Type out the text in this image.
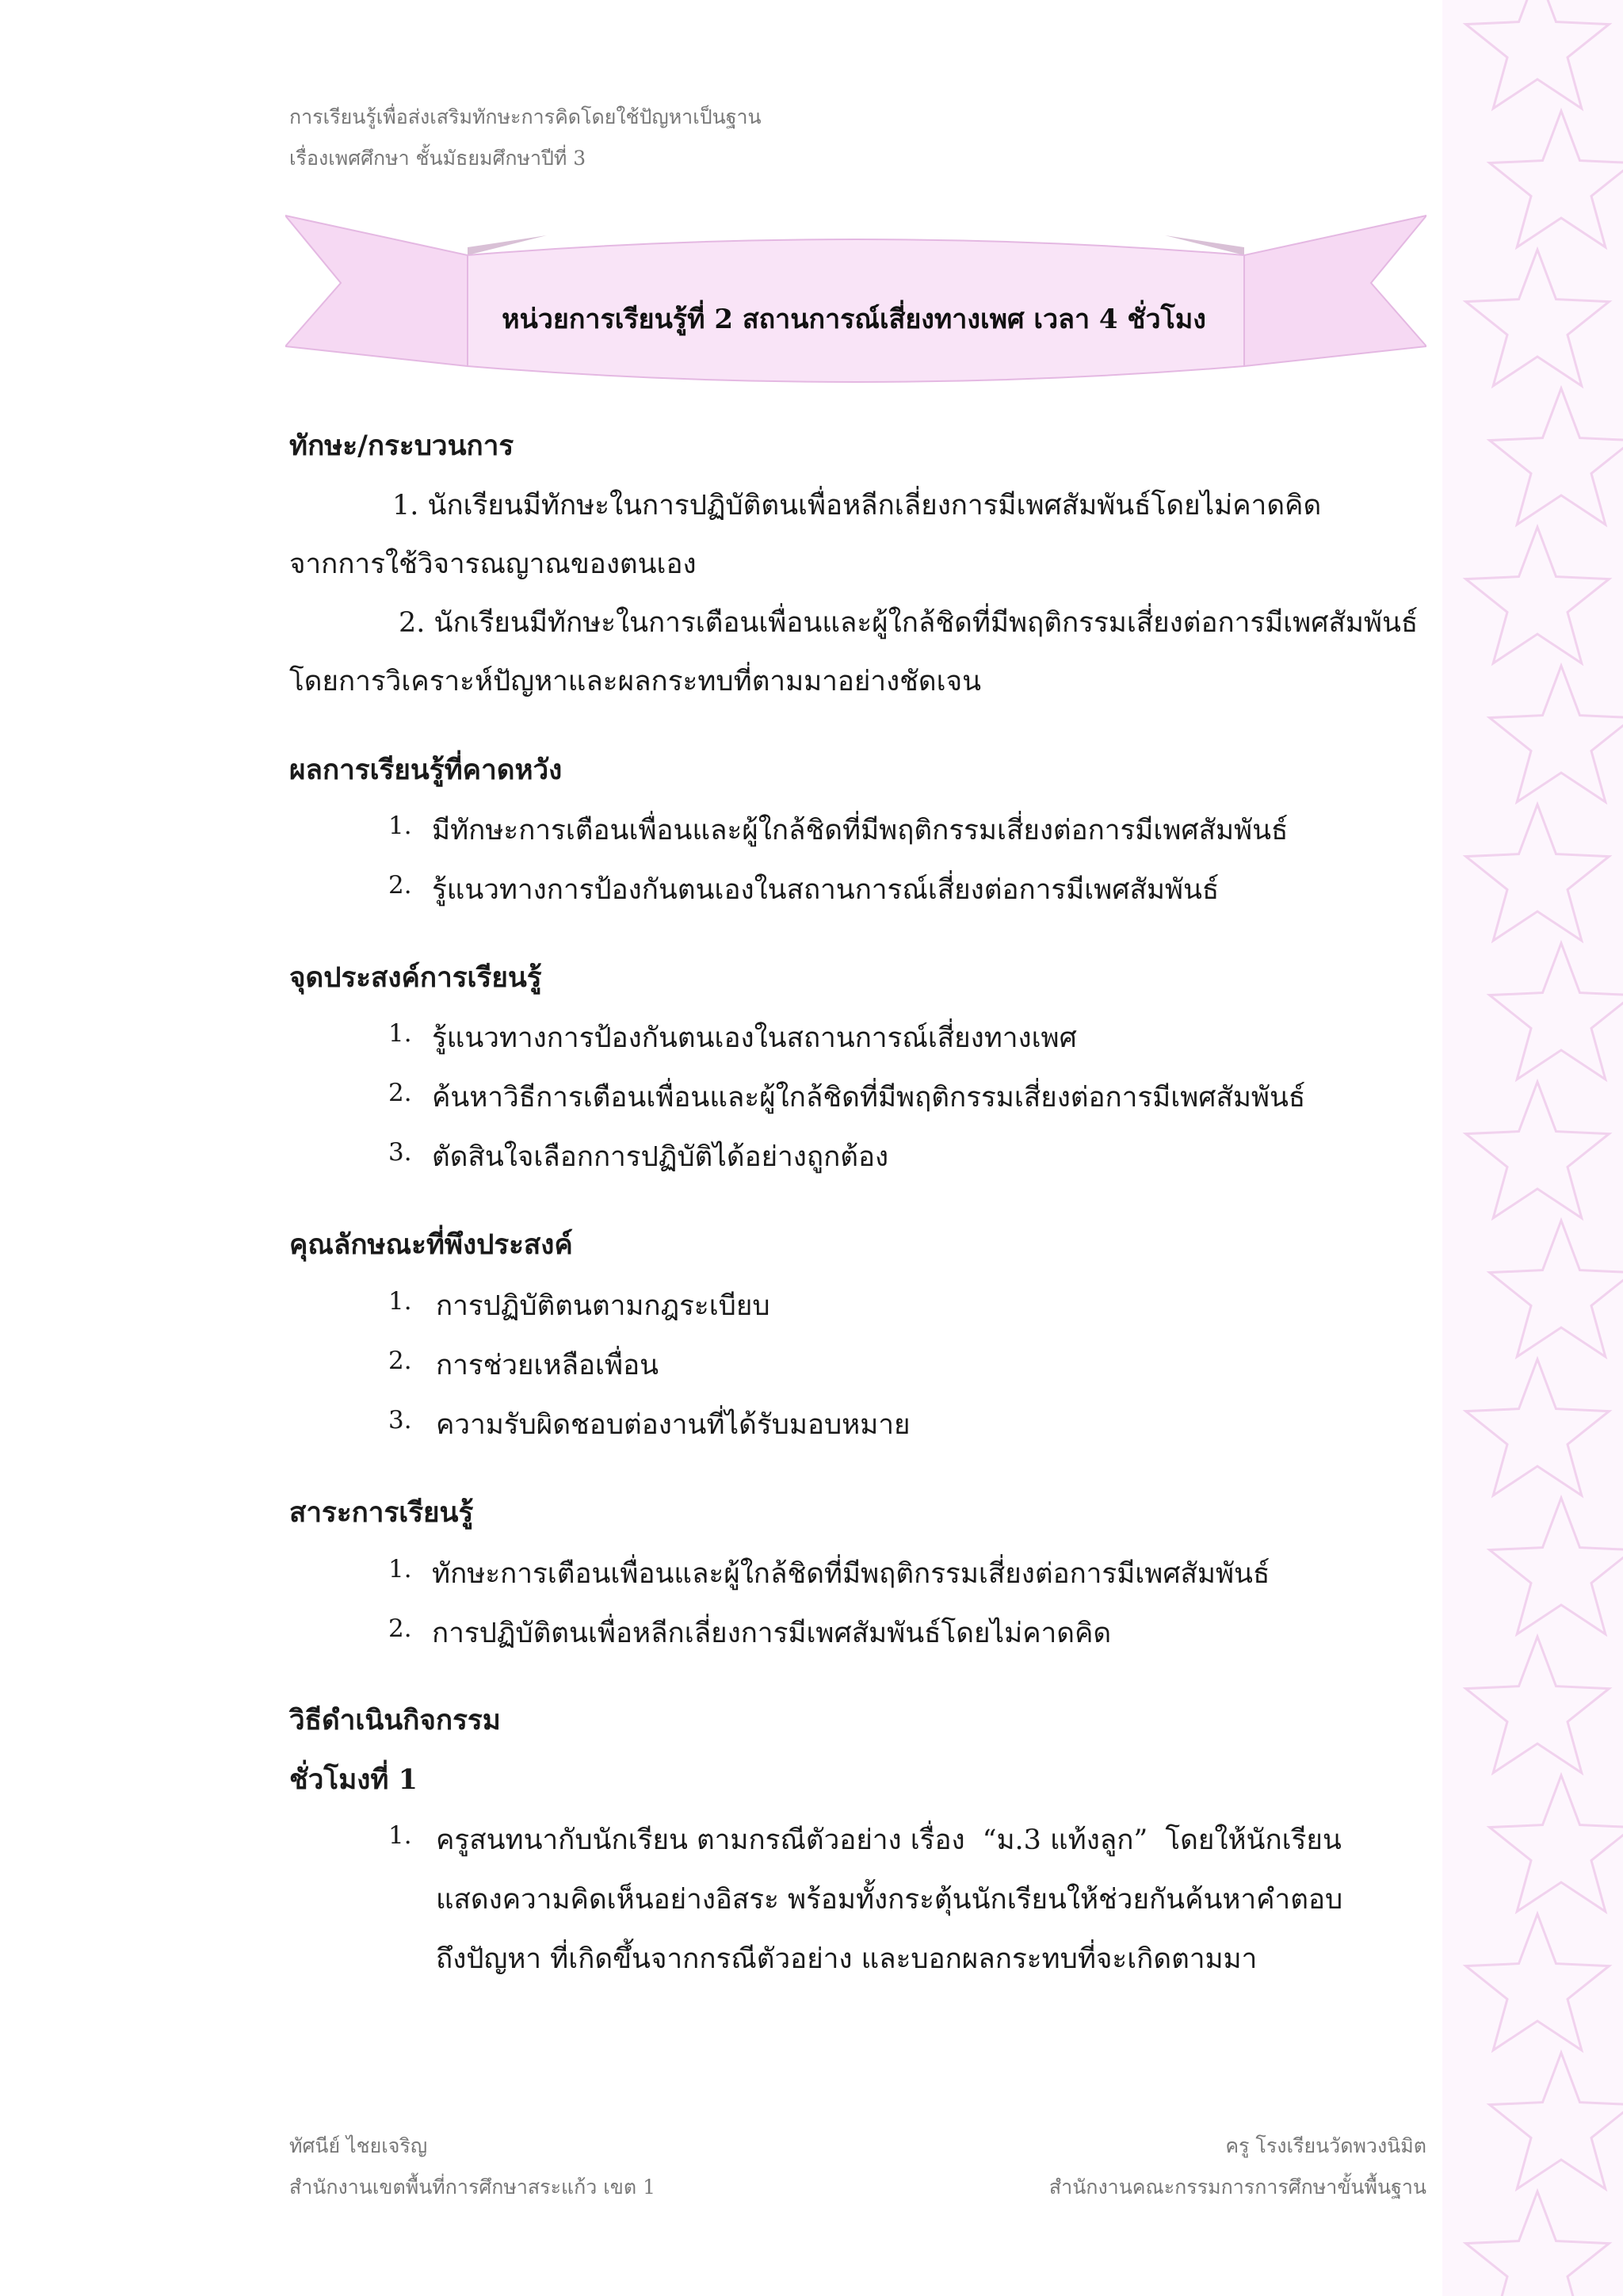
การเรียนรู้เพื่อส่งเสริมทักษะการคิดโดยใช้ปัญหาเป็นฐาน
เรื่องเพศศึกษา ชั้นมัธยมศึกษาปีที่ 3
หน่วยการเรียนรู้ที่ 2 สถานการณ์เสี่ยงทางเพศ เวลา 4 ชั่วโมง
ทักษะ/กระบวนการ
1. นักเรียนมีทักษะในการปฏิบัติตนเพื่อหลีกเลี่ยงการมีเพศสัมพันธ์โดยไม่คาดคิด
จากการใช้วิจารณญาณของตนเอง
2. นักเรียนมีทักษะในการเตือนเพื่อนและผู้ใกล้ชิดที่มีพฤติกรรมเสี่ยงต่อการมีเพศสัมพันธ์
โดยการวิเคราะห์ปัญหาและผลกระทบที่ตามมาอย่างชัดเจน
ผลการเรียนรู้ที่คาดหวัง
1. มีทักษะการเตือนเพื่อนและผู้ใกล้ชิดที่มีพฤติกรรมเสี่ยงต่อการมีเพศสัมพันธ์
2. รู้แนวทางการป้องกันตนเองในสถานการณ์เสี่ยงต่อการมีเพศสัมพันธ์
จุดประสงค์การเรียนรู้
1. รู้แนวทางการป้องกันตนเองในสถานการณ์เสี่ยงทางเพศ
2. ค้นหาวิธีการเตือนเพื่อนและผู้ใกล้ชิดที่มีพฤติกรรมเสี่ยงต่อการมีเพศสัมพันธ์
3. ตัดสินใจเลือกการปฏิบัติได้อย่างถูกต้อง
คุณลักษณะที่พึงประสงค์
1. การปฏิบัติตนตามกฎระเบียบ
2. การช่วยเหลือเพื่อน
3. ความรับผิดชอบต่องานที่ได้รับมอบหมาย
สาระการเรียนรู้
1. ทักษะการเตือนเพื่อนและผู้ใกล้ชิดที่มีพฤติกรรมเสี่ยงต่อการมีเพศสัมพันธ์
2. การปฏิบัติตนเพื่อหลีกเลี่ยงการมีเพศสัมพันธ์โดยไม่คาดคิด
วิธีดำเนินกิจกรรม
ชั่วโมงที่ 1
1. ครูสนทนากับนักเรียน ตามกรณีตัวอย่าง เรื่อง “ม.3 แท้งลูก” โดยให้นักเรียน
แสดงความคิดเห็นอย่างอิสระ พร้อมทั้งกระตุ้นนักเรียนให้ช่วยกันค้นหาคำตอบ
ถึงปัญหา ที่เกิดขึ้นจากกรณีตัวอย่าง และบอกผลกระทบที่จะเกิดตามมา
ทัศนีย์ ไชยเจริญ
สำนักงานเขตพื้นที่การศึกษาสระแก้ว เขต 1
ครู โรงเรียนวัดพวงนิมิต
สำนักงานคณะกรรมการการศึกษาขั้นพื้นฐาน
